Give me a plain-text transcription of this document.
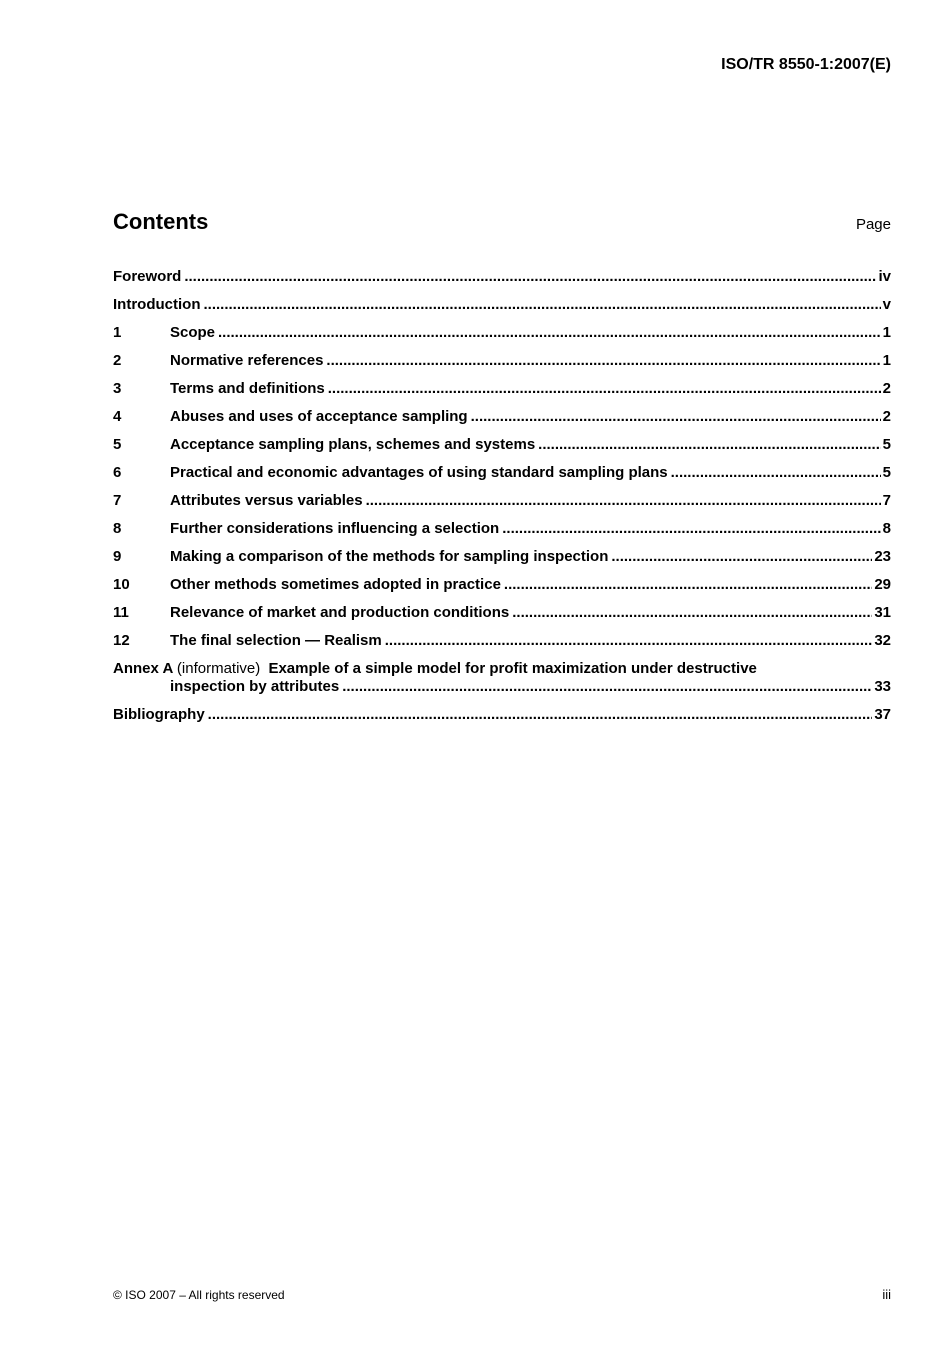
ISO/TR 8550-1:2007(E)
Contents	Page
Foreword .....	iv
Introduction .....	v
1	Scope .....	1
2	Normative references .....	1
3	Terms and definitions .....	2
4	Abuses and uses of acceptance sampling .....	2
5	Acceptance sampling plans, schemes and systems .....	5
6	Practical and economic advantages of using standard sampling plans .....	5
7	Attributes versus variables .....	7
8	Further considerations influencing a selection .....	8
9	Making a comparison of the methods for sampling inspection .....	23
10	Other methods sometimes adopted in practice .....	29
11	Relevance of market and production conditions .....	31
12	The final selection — Realism .....	32
Annex A (informative) Example of a simple model for profit maximization under destructive
inspection by attributes .....	33
Bibliography .....	37
© ISO 2007 – All rights reserved	iii
